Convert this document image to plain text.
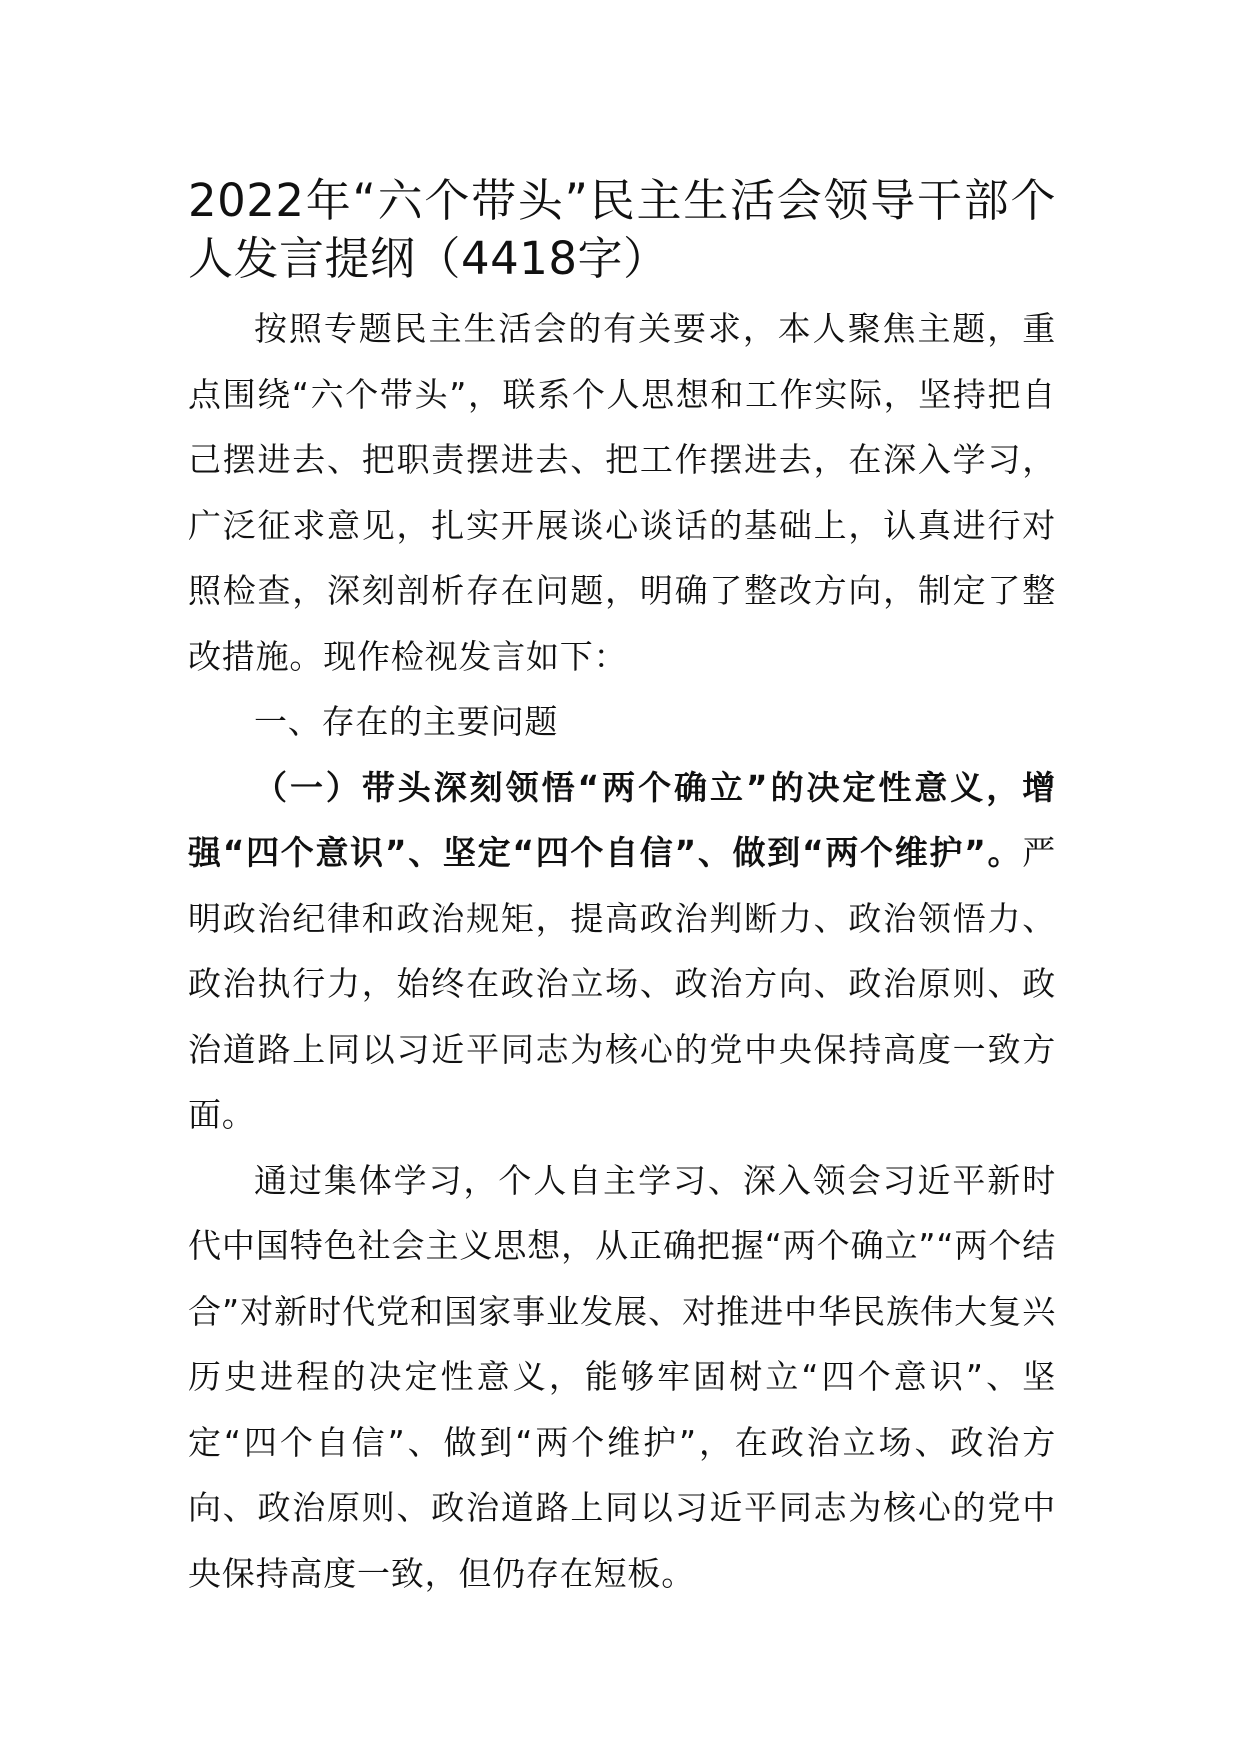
2022年“六个带头”民主生活会领导干部个人发言提纲（4418字）

按照专题民主生活会的有关要求，本人聚焦主题，重点围绕“六个带头”，联系个人思想和工作实际，坚持把自己摆进去、把职责摆进去、把工作摆进去，在深入学习，广泛征求意见，扎实开展谈心谈话的基础上，认真进行对照检查，深刻剖析存在问题，明确了整改方向，制定了整改措施。现作检视发言如下：

一、存在的主要问题

（一）带头深刻领悟“两个确立”的决定性意义，增强“四个意识”、坚定“四个自信”、做到“两个维护”。严明政治纪律和政治规矩，提高政治判断力、政治领悟力、政治执行力，始终在政治立场、政治方向、政治原则、政治道路上同以习近平同志为核心的党中央保持高度一致方面。

通过集体学习，个人自主学习、深入领会习近平新时代中国特色社会主义思想，从正确把握“两个确立”“两个结合”对新时代党和国家事业发展、对推进中华民族伟大复兴历史进程的决定性意义，能够牢固树立“四个意识”、坚定“四个自信”、做到“两个维护”，在政治立场、政治方向、政治原则、政治道路上同以习近平同志为核心的党中央保持高度一致，但仍存在短板。
